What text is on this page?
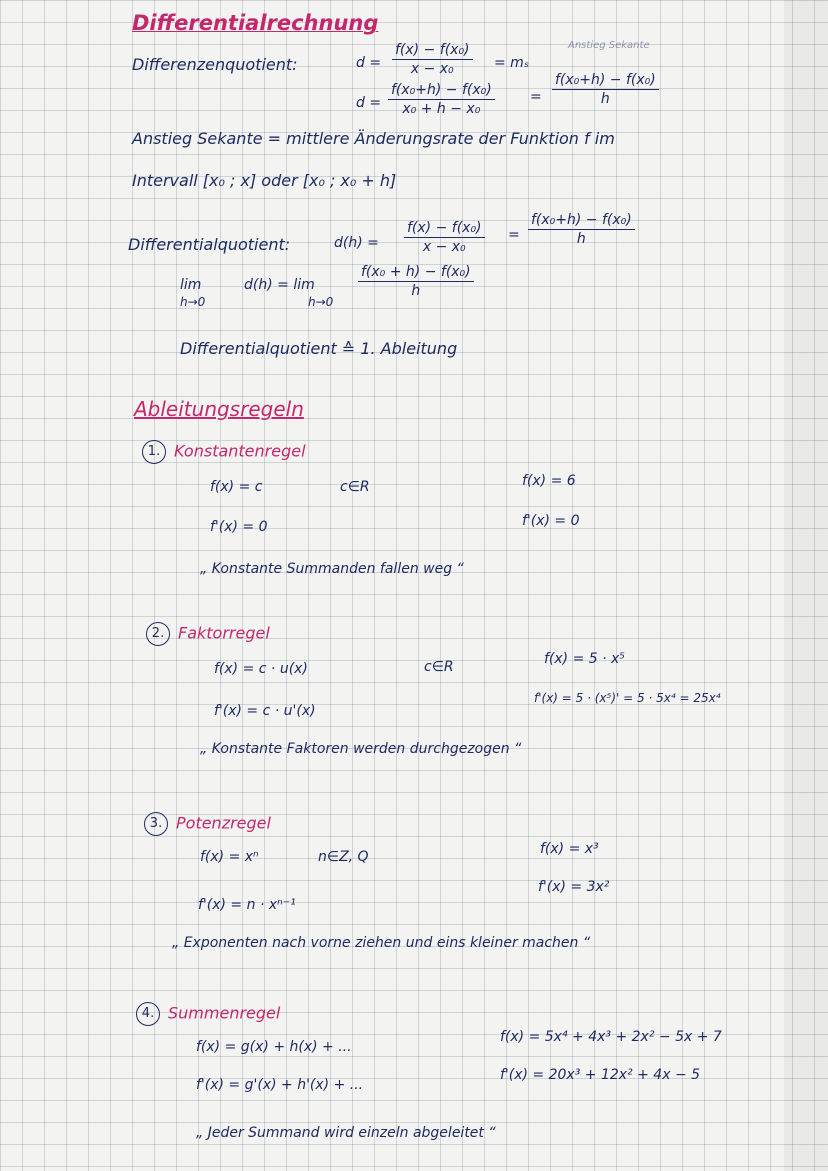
Differentialrechnung
Differenzenquotient:	$d = \frac{\text{f(x) − f(x₀)}}{\text{x − x₀}} = m_s$
Anstieg Sekante
$d = \frac{\text{f(x₀+h) − f(x₀)}}{\text{x₀ + h − x₀}}$	= $\frac{\text{f(x₀+h) − f(x₀)}}{h}$
Anstieg Sekante = mittlere Änderungsrate der Funktion f im
Intervall [x₀ ; x] oder [x₀ ; x₀ + h]
Differentialquotient:	$d(h) = \frac{\text{f(x) − f(x₀)}}{\text{x − x₀}} = \frac{\text{f(x₀+h) − f(x₀)}}{h}$
lim
h→0
d(h) = lim
h→0
$\frac{\text{f(x₀ + h) − f(x₀)}}{h}$
Differentialquotient ≙ 1. Ableitung
Ableitungsregeln
1. Konstantenregel
f(x) = c	c∈R	f(x) = 6
f'(x) = 0	f'(x) = 0
„ Konstante Summanden fallen weg “
2. Faktorregel
f(x) = c · u(x)	c∈R	f(x) = 5 · x⁵
f'(x) = c · u'(x)
f'(x) = 5 · (x⁵)' = 5 · 5x⁴ = 25x⁴
„ Konstante Faktoren werden durchgezogen “
3. Potenzregel
f(x) = xⁿ	n∈Z, Q	f(x) = x³
f'(x) = n · xⁿ⁻¹
f'(x) = 3x²
„ Exponenten nach vorne ziehen und eins kleiner machen “
4. Summenregel
f(x) = g(x) + h(x) + ...
f(x) = 5x⁴ + 4x³ + 2x² − 5x + 7
f'(x) = g'(x) + h'(x) + ...
f'(x) = 20x³ + 12x² + 4x − 5
„ Jeder Summand wird einzeln abgeleitet “
